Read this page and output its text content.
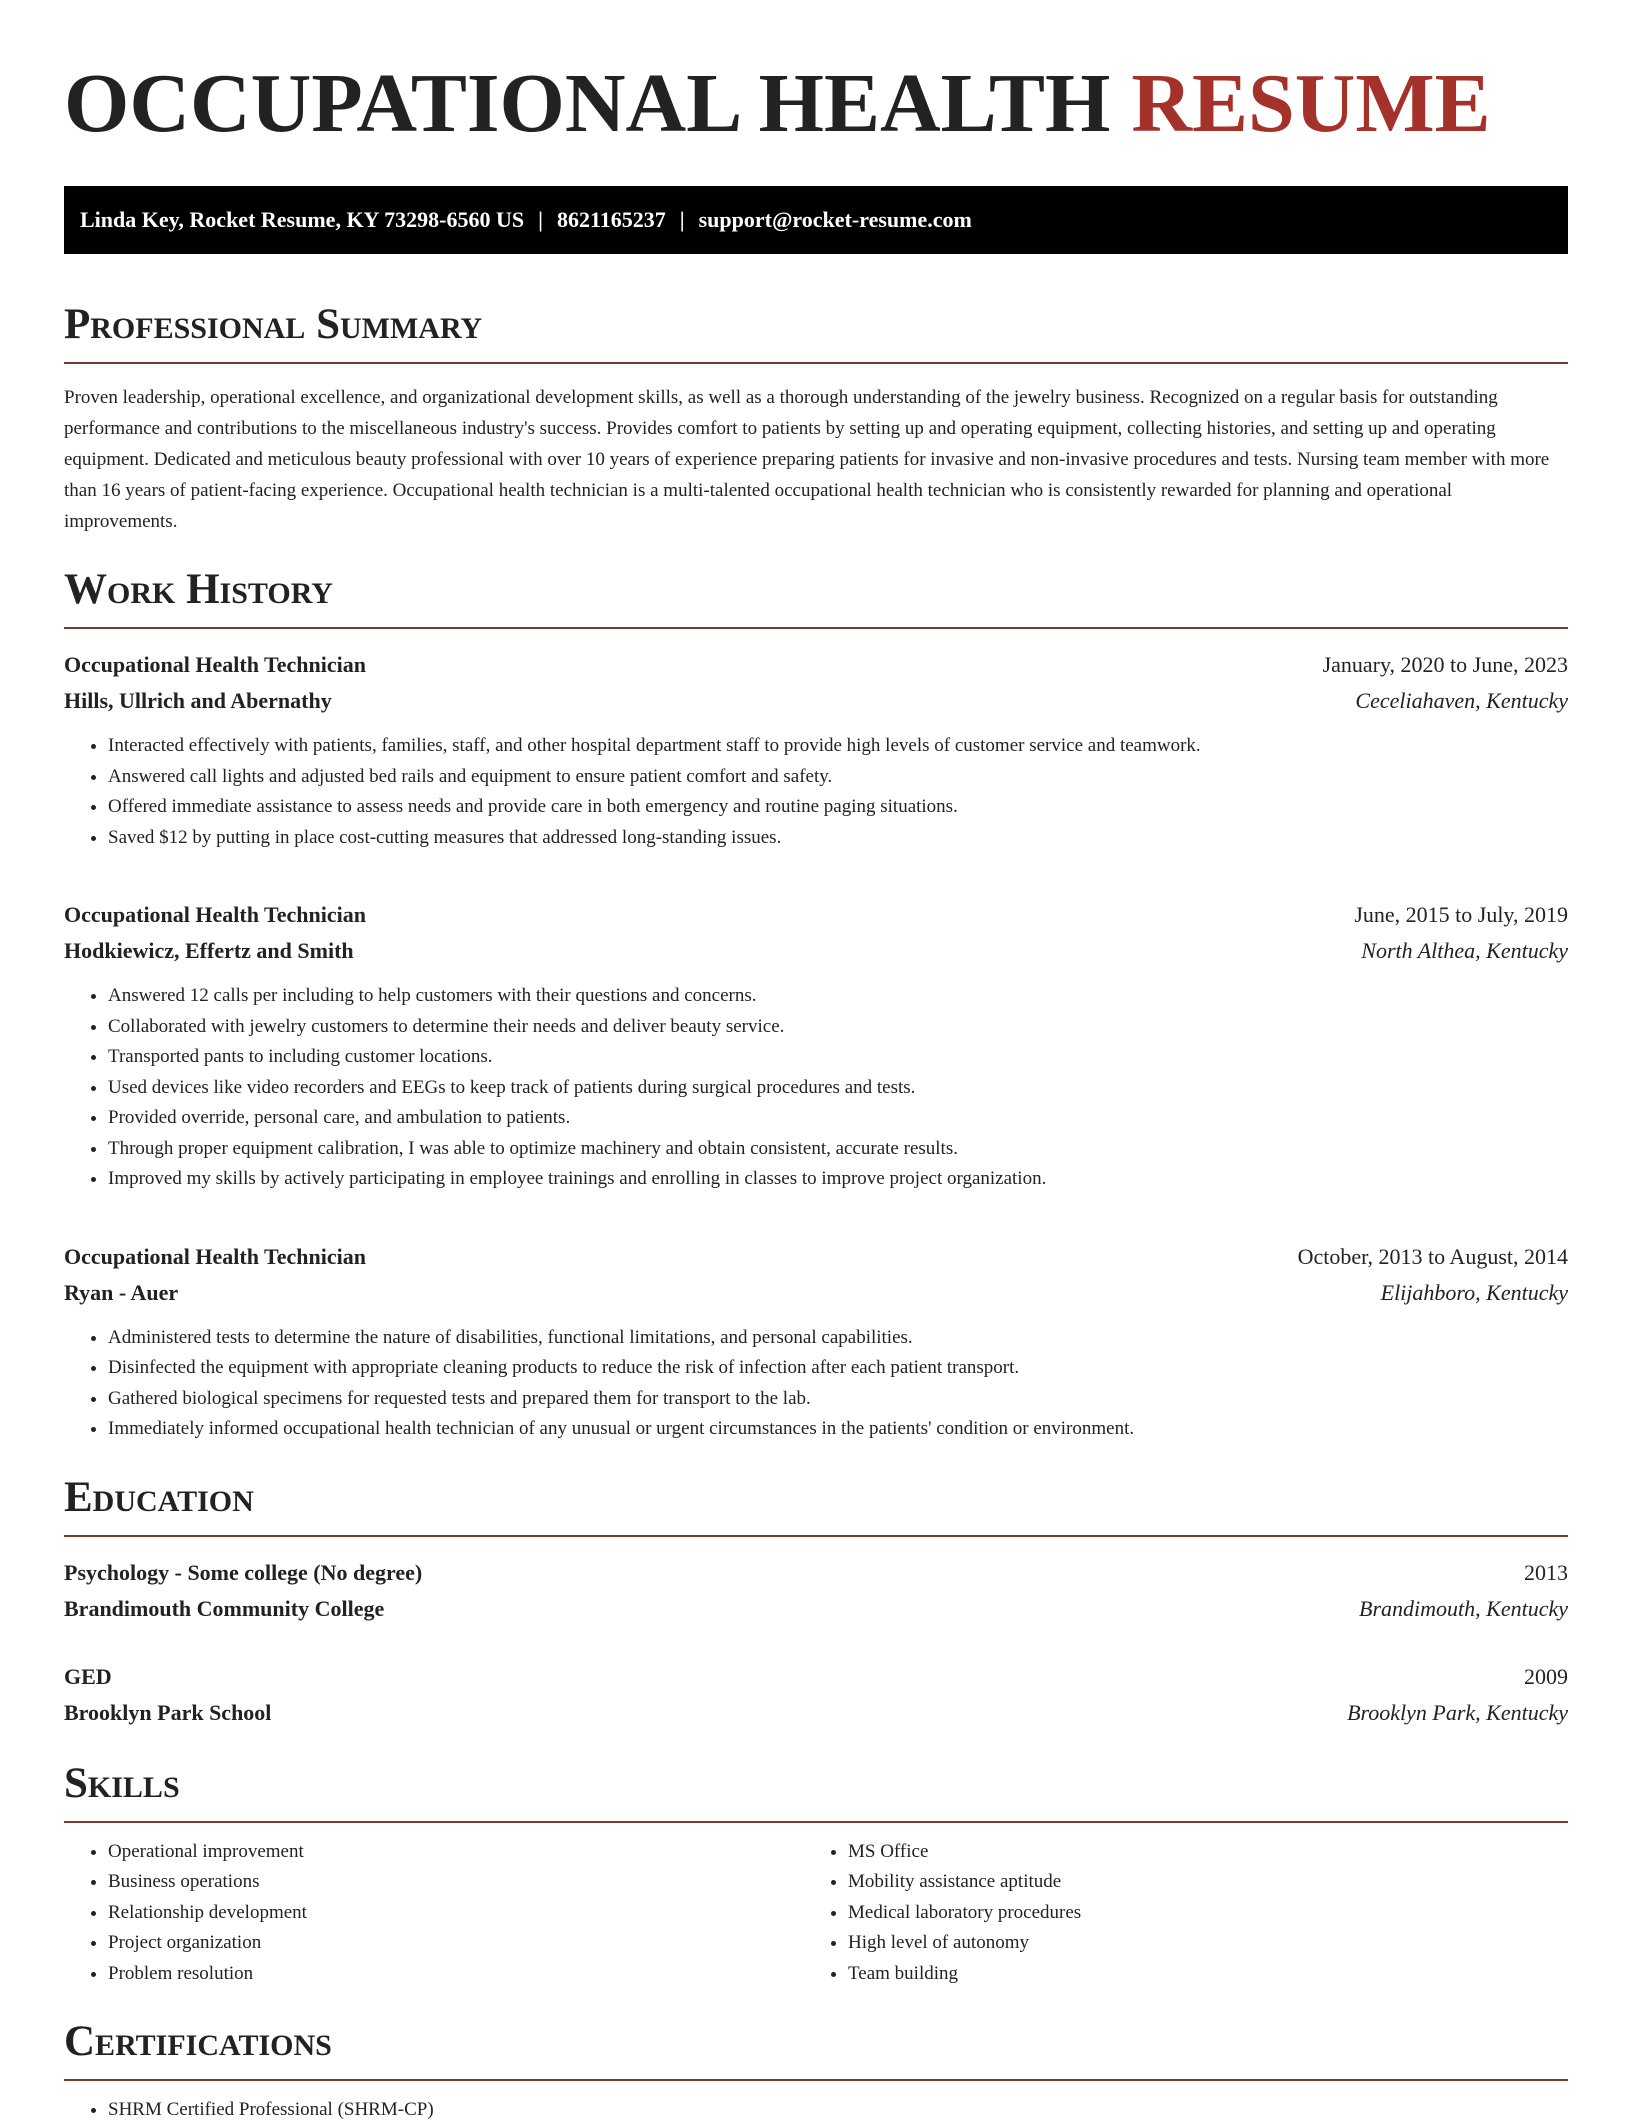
OCCUPATIONAL HEALTH RESUME
Linda Key, Rocket Resume, KY 73298-6560 US | 8621165237 | support@rocket-resume.com
Professional Summary

Proven leadership, operational excellence, and organizational development skills, as well as a thorough understanding of the jewelry business. Recognized on a regular basis for outstanding performance and contributions to the miscellaneous industry's success. Provides comfort to patients by setting up and operating equipment, collecting histories, and setting up and operating equipment. Dedicated and meticulous beauty professional with over 10 years of experience preparing patients for invasive and non-invasive procedures and tests. Nursing team member with more than 16 years of patient-facing experience. Occupational health technician is a multi-talented occupational health technician who is consistently rewarded for planning and operational improvements.

Work History
Occupational Health Technician	January, 2020 to June, 2023
Hills, Ullrich and Abernathy	Ceceliahaven, Kentucky
• Interacted effectively with patients, families, staff, and other hospital department staff to provide high levels of customer service and teamwork.
• Answered call lights and adjusted bed rails and equipment to ensure patient comfort and safety.
• Offered immediate assistance to assess needs and provide care in both emergency and routine paging situations.
• Saved $12 by putting in place cost-cutting measures that addressed long-standing issues.
Occupational Health Technician	June, 2015 to July, 2019
Hodkiewicz, Effertz and Smith	North Althea, Kentucky
• Answered 12 calls per including to help customers with their questions and concerns.
• Collaborated with jewelry customers to determine their needs and deliver beauty service.
• Transported pants to including customer locations.
• Used devices like video recorders and EEGs to keep track of patients during surgical procedures and tests.
• Provided override, personal care, and ambulation to patients.
• Through proper equipment calibration, I was able to optimize machinery and obtain consistent, accurate results.
• Improved my skills by actively participating in employee trainings and enrolling in classes to improve project organization.
Occupational Health Technician	October, 2013 to August, 2014
Ryan - Auer	Elijahboro, Kentucky
• Administered tests to determine the nature of disabilities, functional limitations, and personal capabilities.
• Disinfected the equipment with appropriate cleaning products to reduce the risk of infection after each patient transport.
• Gathered biological specimens for requested tests and prepared them for transport to the lab.
• Immediately informed occupational health technician of any unusual or urgent circumstances in the patients' condition or environment.
Education
Psychology - Some college (No degree)	2013
Brandimouth Community College	Brandimouth, Kentucky
GED	2009
Brooklyn Park School	Brooklyn Park, Kentucky
Skills
• Operational improvement
• Business operations
• Relationship development
• Project organization
• Problem resolution
• MS Office
• Mobility assistance aptitude
• Medical laboratory procedures
• High level of autonomy
• Team building
Certifications
• SHRM Certified Professional (SHRM-CP)
